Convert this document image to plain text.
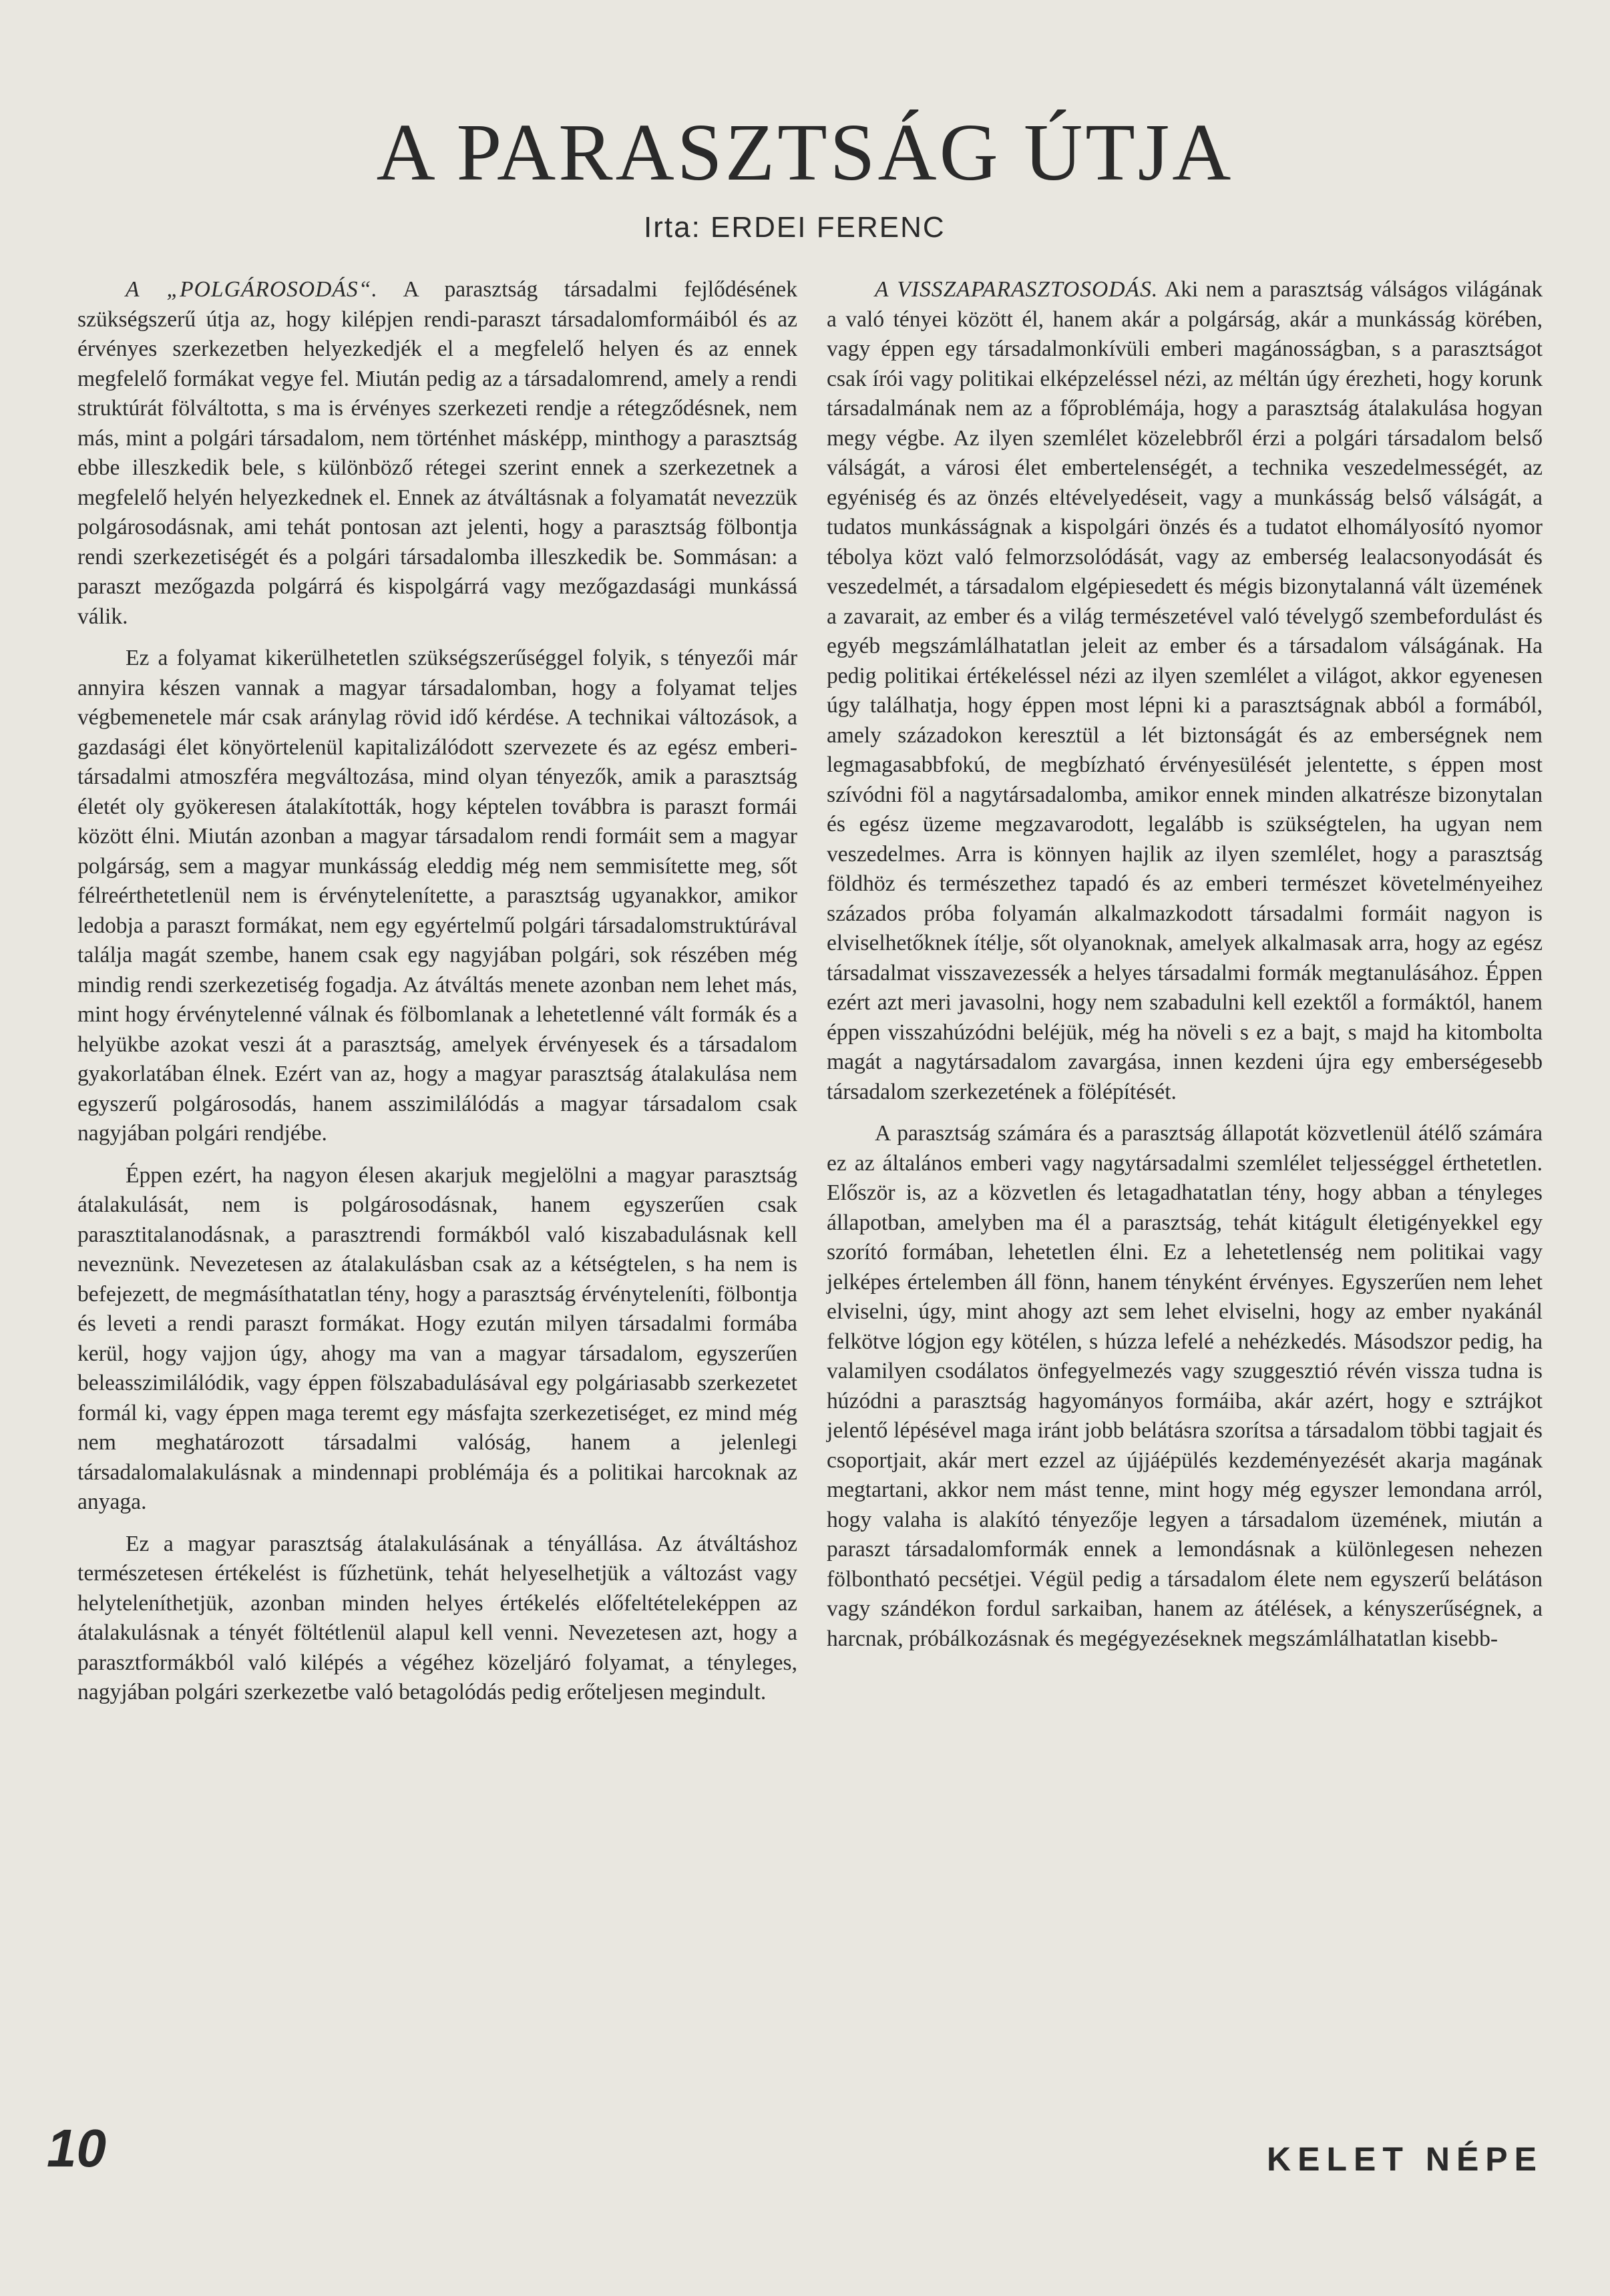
A PARASZTSÁG ÚTJA
Irta: ERDEI FERENC

A „POLGÁROSODÁS“. A parasztság társadalmi fejlődésének szükségszerű útja az, hogy kilépjen rendi-paraszt társadalomformáiból és az érvényes szerkezetben helyezkedjék el a megfelelő helyen és az ennek megfelelő formákat vegye fel. Miután pedig az a társadalomrend, amely a rendi struktúrát fölváltotta, s ma is érvényes szerkezeti rendje a rétegződésnek, nem más, mint a polgári társadalom, nem történhet másképp, minthogy a parasztság ebbe illeszkedik bele, s különböző rétegei szerint ennek a szerkezetnek a megfelelő helyén helyezkednek el. Ennek az átváltásnak a folyamatát nevezzük polgárosodásnak, ami tehát pontosan azt jelenti, hogy a parasztság fölbontja rendi szerkezetiségét és a polgári társadalomba illeszkedik be. Sommásan: a paraszt mezőgazda polgárrá és kispolgárrá vagy mezőgazdasági munkássá válik.

Ez a folyamat kikerülhetetlen szükségszerűséggel folyik, s tényezői már annyira készen vannak a magyar társadalomban, hogy a folyamat teljes végbemenetele már csak aránylag rövid idő kérdése. A technikai változások, a gazdasági élet könyörtelenül kapitalizálódott szervezete és az egész emberi-társadalmi atmoszféra megváltozása, mind olyan tényezők, amik a parasztság életét oly gyökeresen átalakították, hogy képtelen továbbra is paraszt formái között élni. Miután azonban a magyar társadalom rendi formáit sem a magyar polgárság, sem a magyar munkásság eleddig még nem semmisítette meg, sőt félreérthetetlenül nem is érvénytelenítette, a parasztság ugyanakkor, amikor ledobja a paraszt formákat, nem egy egyértelmű polgári társadalomstruktúrával találja magát szembe, hanem csak egy nagyjában polgári, sok részében még mindig rendi szerkezetiség fogadja. Az átváltás menete azonban nem lehet más, mint hogy érvénytelenné válnak és fölbomlanak a lehetetlenné vált formák és a helyükbe azokat veszi át a parasztság, amelyek érvényesek és a társadalom gyakorlatában élnek. Ezért van az, hogy a magyar parasztság átalakulása nem egyszerű polgárosodás, hanem asszimilálódás a magyar társadalom csak nagyjában polgári rendjébe.

Éppen ezért, ha nagyon élesen akarjuk megjelölni a magyar parasztság átalakulását, nem is polgárosodásnak, hanem egyszerűen csak parasztitalanodásnak, a parasztrendi formákból való kiszabadulásnak kell neveznünk. Nevezetesen az átalakulásban csak az a kétségtelen, s ha nem is befejezett, de megmásíthatatlan tény, hogy a parasztság érvényteleníti, fölbontja és leveti a rendi paraszt formákat. Hogy ezután milyen társadalmi formába kerül, hogy vajjon úgy, ahogy ma van a magyar társadalom, egyszerűen beleasszimilálódik, vagy éppen fölszabadulásával egy polgáriasabb szerkezetet formál ki, vagy éppen maga teremt egy másfajta szerkezetiséget, ez mind még nem meghatározott társadalmi valóság, hanem a jelenlegi társadalomalakulásnak a mindennapi problémája és a politikai harcoknak az anyaga.

Ez a magyar parasztság átalakulásának a tényállása. Az átváltáshoz természetesen értékelést is fűzhetünk, tehát helyeselhetjük a változást vagy helyteleníthetjük, azonban minden helyes értékelés előfeltételeképpen az átalakulásnak a tényét föltétlenül alapul kell venni. Nevezetesen azt, hogy a parasztformákból való kilépés a végéhez közeljáró folyamat, a tényleges, nagyjában polgári szerkezetbe való betagolódás pedig erőteljesen megindult.

A VISSZAPARASZTOSODÁS. Aki nem a parasztság válságos világának a való tényei között él, hanem akár a polgárság, akár a munkásság körében, vagy éppen egy társadalmonkívüli emberi magánosságban, s a parasztságot csak írói vagy politikai elképzeléssel nézi, az méltán úgy érezheti, hogy korunk társadalmának nem az a főproblémája, hogy a parasztság átalakulása hogyan megy végbe. Az ilyen szemlélet közelebbről érzi a polgári társadalom belső válságát, a városi élet embertelenségét, a technika veszedelmességét, az egyéniség és az önzés eltévelyedéseit, vagy a munkásság belső válságát, a tudatos munkásságnak a kispolgári önzés és a tudatot elhomályosító nyomor tébolya közt való felmorzsolódását, vagy az emberség lealacsonyodását és veszedelmét, a társadalom elgépiesedett és mégis bizonytalanná vált üzemének a zavarait, az ember és a világ természetével való tévelygő szembefordulást és egyéb megszámlálhatatlan jeleit az ember és a társadalom válságának. Ha pedig politikai értékeléssel nézi az ilyen szemlélet a világot, akkor egyenesen úgy találhatja, hogy éppen most lépni ki a parasztságnak abból a formából, amely századokon keresztül a lét biztonságát és az emberségnek nem legmagasabbfokú, de megbízható érvényesülését jelentette, s éppen most szívódni föl a nagytársadalomba, amikor ennek minden alkatrésze bizonytalan és egész üzeme megzavarodott, legalább is szükségtelen, ha ugyan nem veszedelmes. Arra is könnyen hajlik az ilyen szemlélet, hogy a parasztság földhöz és természethez tapadó és az emberi természet követelményeihez százados próba folyamán alkalmazkodott társadalmi formáit nagyon is elviselhetőknek ítélje, sőt olyanoknak, amelyek alkalmasak arra, hogy az egész társadalmat visszavezessék a helyes társadalmi formák megtanulásához. Éppen ezért azt meri javasolni, hogy nem szabadulni kell ezektől a formáktól, hanem éppen visszahúzódni beléjük, még ha növeli s ez a bajt, s majd ha kitombolta magát a nagytársadalom zavargása, innen kezdeni újra egy emberségesebb társadalom szerkezetének a fölépítését.

A parasztság számára és a parasztság állapotát közvetlenül átélő számára ez az általános emberi vagy nagytársadalmi szemlélet teljességgel érthetetlen. Először is, az a közvetlen és letagadhatatlan tény, hogy abban a tényleges állapotban, amelyben ma él a parasztság, tehát kitágult életigényekkel egy szorító formában, lehetetlen élni. Ez a lehetetlenség nem politikai vagy jelképes értelemben áll fönn, hanem tényként érvényes. Egyszerűen nem lehet elviselni, úgy, mint ahogy azt sem lehet elviselni, hogy az ember nyakánál felkötve lógjon egy kötélen, s húzza lefelé a nehézkedés. Másodszor pedig, ha valamilyen csodálatos önfegyelmezés vagy szuggesztió révén vissza tudna is húzódni a parasztság hagyományos formáiba, akár azért, hogy e sztrájkot jelentő lépésével maga iránt jobb belátásra szorítsa a társadalom többi tagjait és csoportjait, akár mert ezzel az újjáépülés kezdeményezését akarja magának megtartani, akkor nem mást tenne, mint hogy még egyszer lemondana arról, hogy valaha is alakító tényezője legyen a társadalom üzemének, miután a paraszt társadalomformák ennek a lemondásnak a különlegesen nehezen fölbontható pecsétjei. Végül pedig a társadalom élete nem egyszerű belátáson vagy szándékon fordul sarkaiban, hanem az átélések, a kényszerűségnek, a harcnak, próbálkozásnak és megégyezéseknek megszámlálhatatlan kisebb-

10	KELET NÉPE
